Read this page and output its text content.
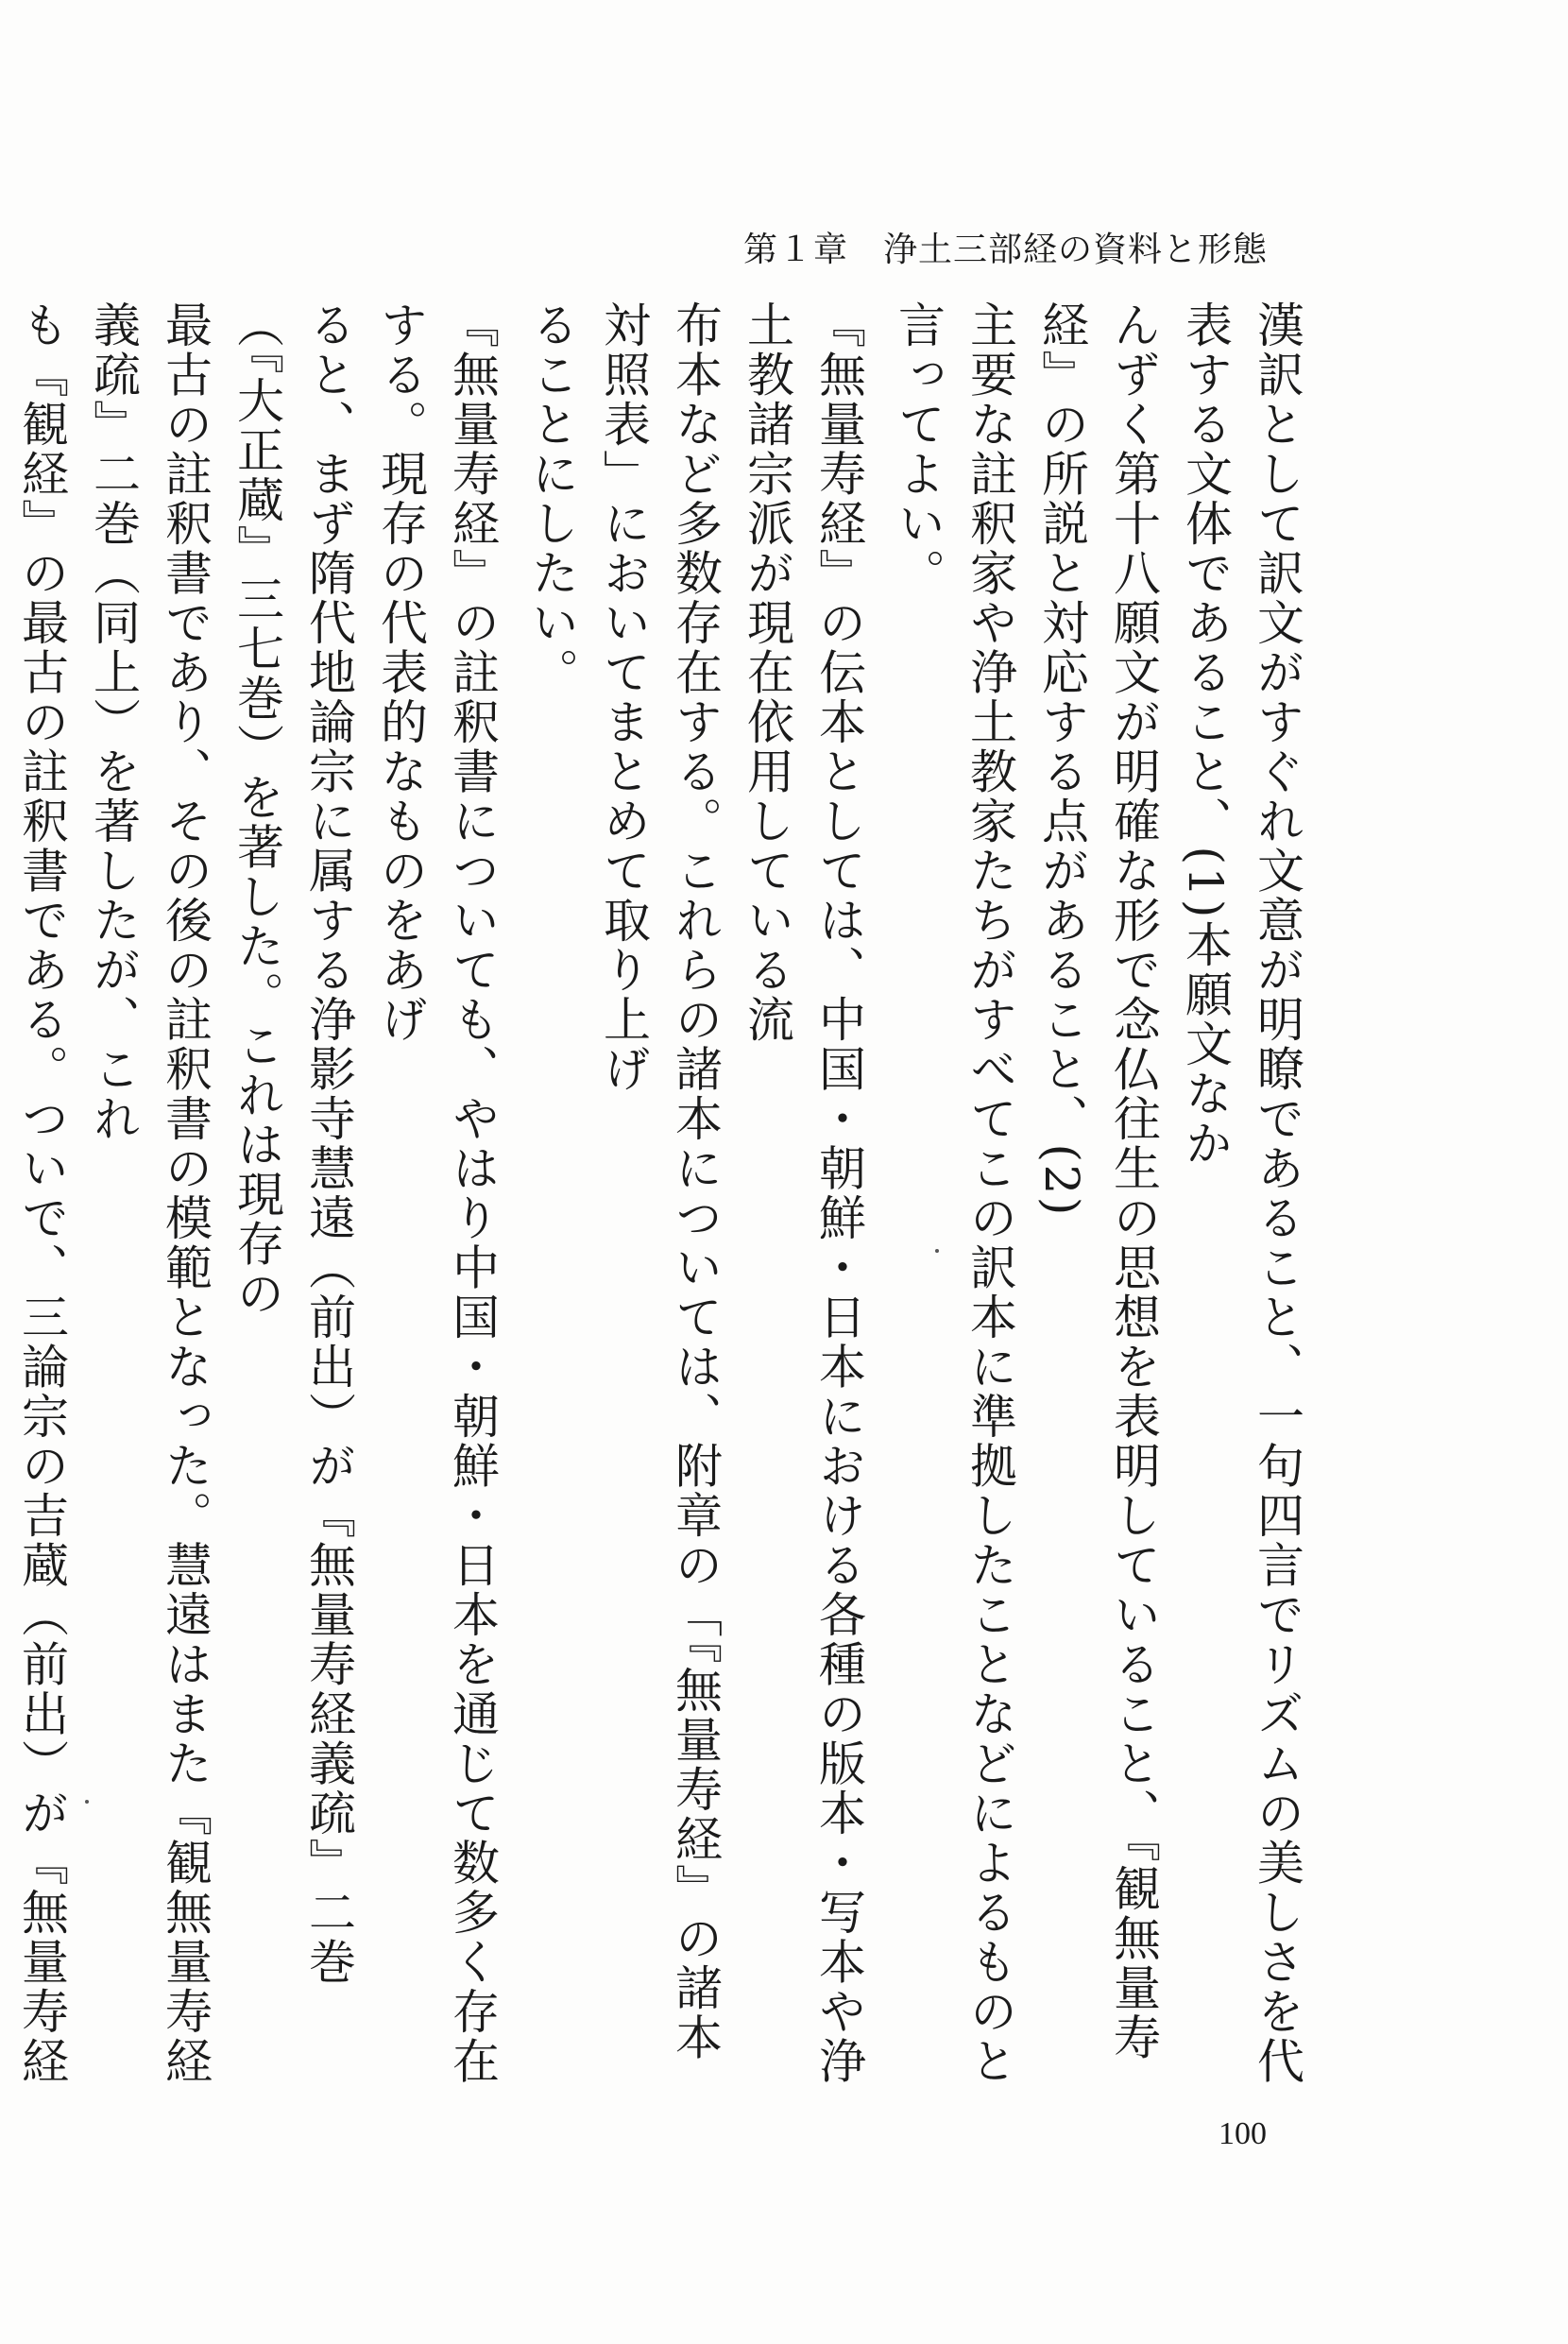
第１章　浄土三部経の資料と形態

漢訳として訳文がすぐれ文意が明瞭であること、一句四言でリズムの美しさを代表する文体であること、(1)本願文なか

んずく第十八願文が明確な形で念仏往生の思想を表明していること、『観無量寿経』の所説と対応する点があること、(2)

主要な註釈家や浄土教家たちがすべてこの訳本に準拠したことなどによるものと言ってよい。

『無量寿経』の伝本としては、中国・朝鮮・日本における各種の版本・写本や浄土教諸宗派が現在依用している流

布本など多数存在する。これらの諸本については、附章の「『無量寿経』の諸本対照表」においてまとめて取り上げ

ることにしたい。

『無量寿経』の註釈書についても、やはり中国・朝鮮・日本を通じて数多く存在する。現存の代表的なものをあげ

ると、まず隋代地論宗に属する浄影寺慧遠（前出）が『無量寿経義疏』二巻（『大正蔵』三七巻）を著した。これは現存の

最古の註釈書であり、その後の註釈書の模範となった。慧遠はまた『観無量寿経義疏』二巻（同上）を著したが、これ

も『観経』の最古の註釈書である。ついで、三論宗の吉蔵（前出）が『無量寿経

100
